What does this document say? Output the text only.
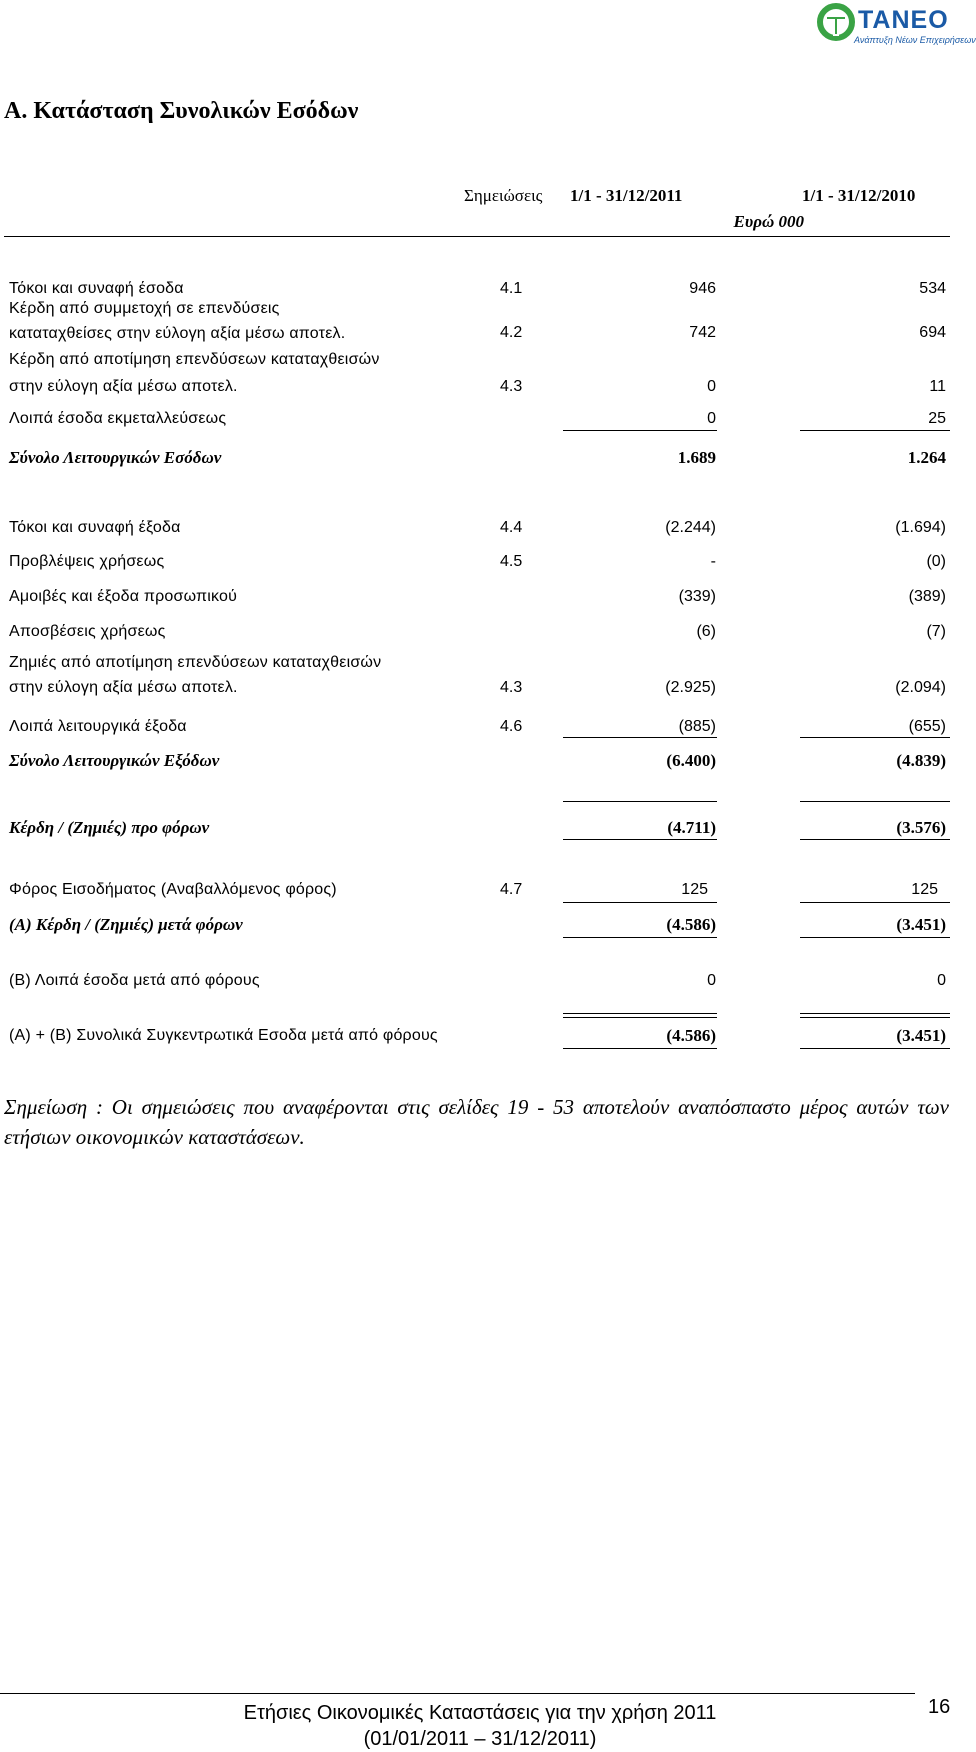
TANEO
Ανάπτυξη Νέων Επιχειρήσεων
Α. Κατάσταση Συνολικών Εσόδων
Σημειώσεις 1/1 - 31/12/2011	1/1 - 31/12/2010
Ευρώ 000
Τόκοι και συναφή έσοδα	4.1	946	534
Κέρδη από συμμετοχή σε επενδύσεις
καταταχθείσες στην εύλογη αξία μέσω αποτελ.	4.2	742	694
Κέρδη από αποτίμηση επενδύσεων καταταχθεισών
στην εύλογη αξία μέσω αποτελ.	4.3	0	11
Λοιπά έσοδα εκμεταλλεύσεως	0	25
Σύνολο Λειτουργικών Εσόδων	1.689	1.264
Τόκοι και συναφή έξοδα	4.4	(2.244)	(1.694)
Προβλέψεις χρήσεως	4.5	-	(0)
Αμοιβές και έξοδα προσωπικού	(339)	(389)
Αποσβέσεις χρήσεως	(6)	(7)
Ζημιές από αποτίμηση επενδύσεων καταταχθεισών
στην εύλογη αξία μέσω αποτελ.	4.3	(2.925)	(2.094)
Λοιπά λειτουργικά έξοδα	4.6	(885)	(655)
Σύνολο Λειτουργικών Εξόδων	(6.400)	(4.839)
Κέρδη / (Ζημιές) προ φόρων	(4.711)	(3.576)
Φόρος Εισοδήματος (Αναβαλλόμενος φόρος)	4.7	125	125
(Α) Κέρδη / (Ζημιές) μετά φόρων	(4.586)	(3.451)
(Β) Λοιπά έσοδα μετά από φόρους	0	0
(Α) + (Β) Συνολικά Συγκεντρωτικά Εσοδα μετά από φόρους	(4.586)	(3.451)
Σημείωση : Οι σημειώσεις που αναφέρονται στις σελίδες 19 - 53 αποτελούν αναπόσπαστο μέρος αυτών των ετήσιων οικονομικών καταστάσεων.
Ετήσιες Οικονομικές Καταστάσεις για την χρήση 2011
(01/01/2011 – 31/12/2011)
16
